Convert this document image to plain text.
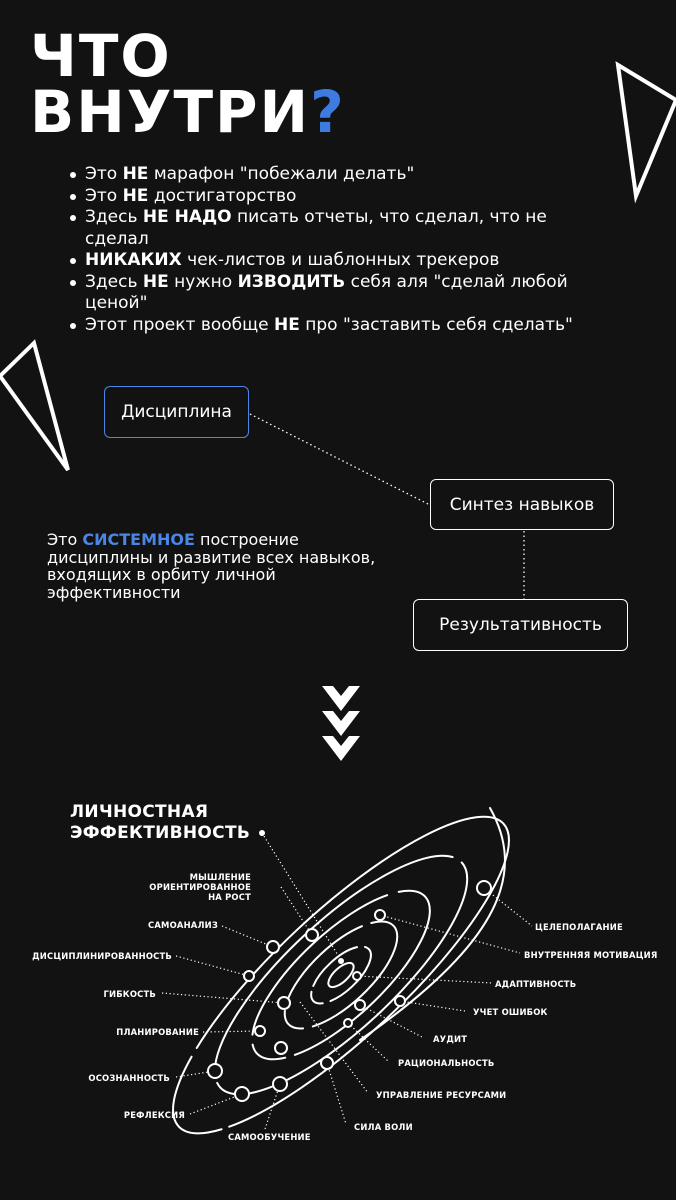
ЧТО
ВНУТРИ?
Это НЕ марафон "побежали делать"
Это НЕ достигаторство
Здесь НЕ НАДО писать отчеты, что сделал, что не сделал
НИКАКИХ чек-листов и шаблонных трекеров
Здесь НЕ нужно ИЗВОДИТЬ себя аля "сделай любой ценой"
Этот проект вообще НЕ про "заставить себя сделать"
Дисциплина
Синтез навыков
Результативность

Это СИСТЕМНОЕ построение дисциплины и развитие всех навыков, входящих в орбиту личной эффективности

ЛИЧНОСТНАЯ
ЭФФЕКТИВНОСТЬ
МЫШЛЕНИЕ
ОРИЕНТИРОВАННОЕ
НА РОСТ
САМОАНАЛИЗ
ДИСЦИПЛИНИРОВАННОСТЬ
ГИБКОСТЬ
ПЛАНИРОВАНИЕ
ОСОЗНАННОСТЬ
РЕФЛЕКСИЯ
САМООБУЧЕНИЕ
ЦЕЛЕПОЛАГАНИЕ
ВНУТРЕННЯЯ МОТИВАЦИЯ
АДАПТИВНОСТЬ
УЧЕТ ОШИБОК
АУДИТ
РАЦИОНАЛЬНОСТЬ
УПРАВЛЕНИЕ РЕСУРСАМИ
СИЛА ВОЛИ
